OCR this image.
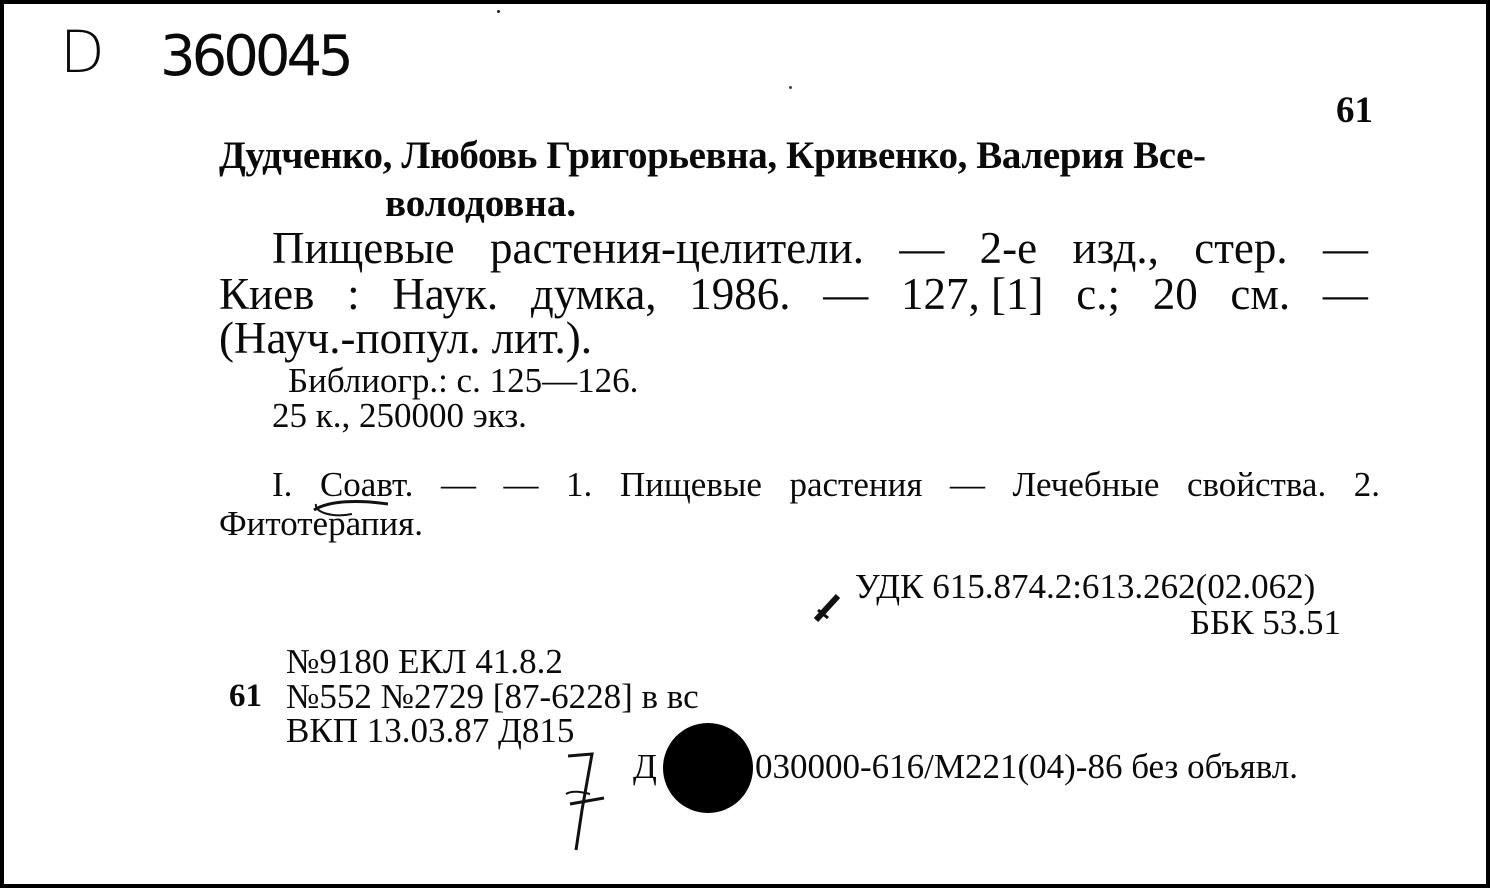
D 360045
61
Дудченко, Любовь Григорьевна, Кривенко, Валерия Все-
володовна.
Пищевые растения-целители. — 2-е изд., стер. —
Киев : Наук. думка, 1986. — 127, [1] с.; 20 см. —
(Науч.-попул. лит.).
Библиогр.: с. 125—126.
25 к., 250000 экз.
I. Соавт. — — 1. Пищевые растения — Лечебные свойства. 2.
Фитотерапия.
УДК 615.874.2:613.262(02.062)
ББК 53.51
№9180 ЕКЛ 41.8.2
61 №552 №2729 [87-6228] в вс
ВКП 13.03.87 Д815
Д	030000-616/М221(04)-86 без объявл.
